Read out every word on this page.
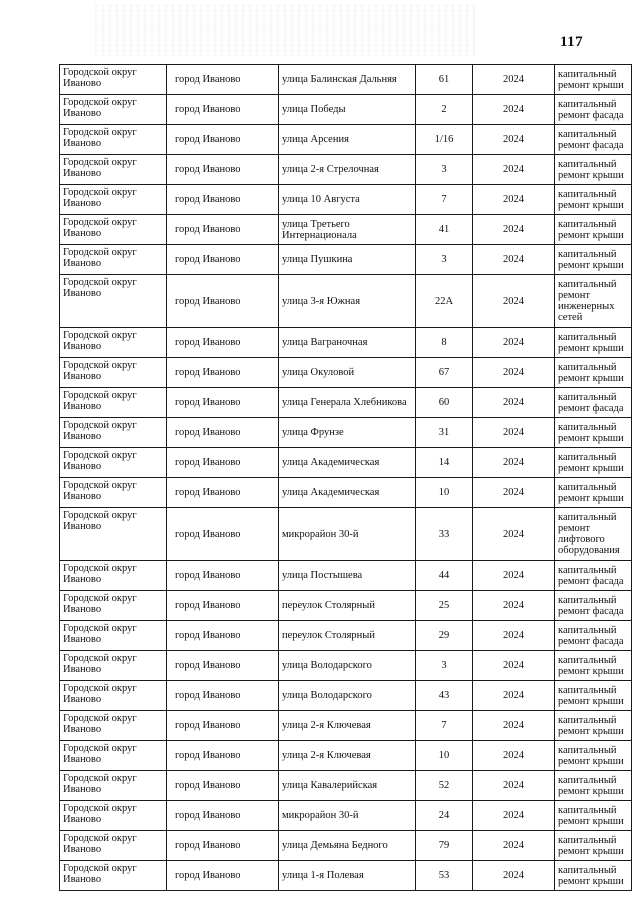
117
Городской округ Иваново	город Иваново	улица Балинская Дальняя	61	2024	капитальный ремонт крыши
Городской округ Иваново	город Иваново	улица Победы	2	2024	капитальный ремонт фасада
Городской округ Иваново	город Иваново	улица Арсения	1/16	2024	капитальный ремонт фасада
Городской округ Иваново	город Иваново	улица 2-я Стрелочная	3	2024	капитальный ремонт крыши
Городской округ Иваново	город Иваново	улица 10 Августа	7	2024	капитальный ремонт крыши
Городской округ Иваново	город Иваново	улица Третьего Интернационала	41	2024	капитальный ремонт крыши
Городской округ Иваново	город Иваново	улица Пушкина	3	2024	капитальный ремонт крыши
Городской округ Иваново	город Иваново	улица 3-я Южная	22А	2024	капитальный ремонт инженерных сетей
Городской округ Иваново	город Иваново	улица Ваграночная	8	2024	капитальный ремонт крыши
Городской округ Иваново	город Иваново	улица Окуловой	67	2024	капитальный ремонт крыши
Городской округ Иваново	город Иваново	улица Генерала Хлебникова	60	2024	капитальный ремонт фасада
Городской округ Иваново	город Иваново	улица Фрунзе	31	2024	капитальный ремонт крыши
Городской округ Иваново	город Иваново	улица Академическая	14	2024	капитальный ремонт крыши
Городской округ Иваново	город Иваново	улица Академическая	10	2024	капитальный ремонт крыши
Городской округ Иваново	город Иваново	микрорайон 30-й	33	2024	капитальный ремонт лифтового оборудования
Городской округ Иваново	город Иваново	улица Постышева	44	2024	капитальный ремонт фасада
Городской округ Иваново	город Иваново	переулок Столярный	25	2024	капитальный ремонт фасада
Городской округ Иваново	город Иваново	переулок Столярный	29	2024	капитальный ремонт фасада
Городской округ Иваново	город Иваново	улица Володарского	3	2024	капитальный ремонт крыши
Городской округ Иваново	город Иваново	улица Володарского	43	2024	капитальный ремонт крыши
Городской округ Иваново	город Иваново	улица 2-я Ключевая	7	2024	капитальный ремонт крыши
Городской округ Иваново	город Иваново	улица 2-я Ключевая	10	2024	капитальный ремонт крыши
Городской округ Иваново	город Иваново	улица Кавалерийская	52	2024	капитальный ремонт крыши
Городской округ Иваново	город Иваново	микрорайон 30-й	24	2024	капитальный ремонт крыши
Городской округ Иваново	город Иваново	улица Демьяна Бедного	79	2024	капитальный ремонт крыши
Городской округ Иваново	город Иваново	улица 1-я Полевая	53	2024	капитальный ремонт крыши
